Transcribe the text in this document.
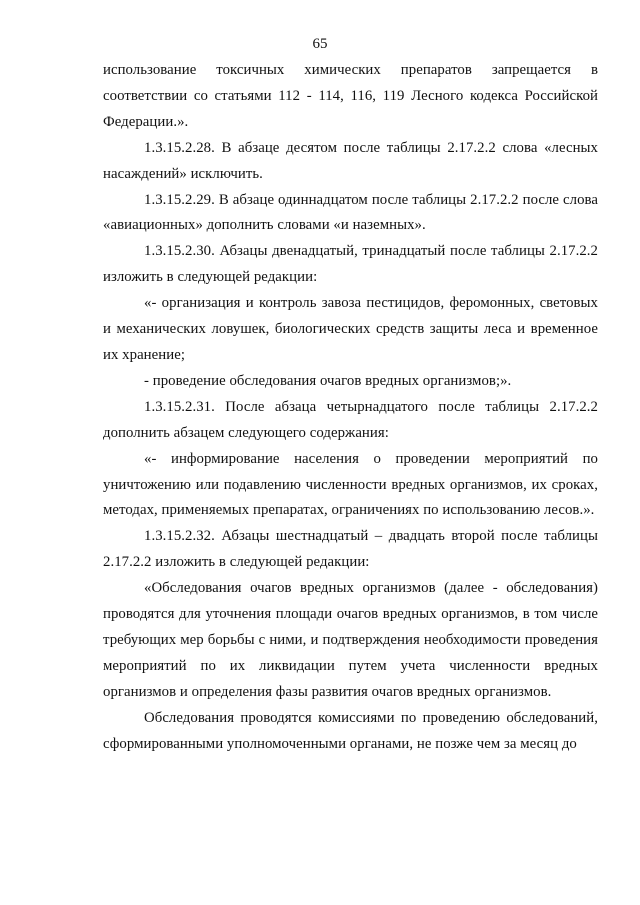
65

использование токсичных химических препаратов запрещается в соответствии со статьями 112 - 114, 116, 119 Лесного кодекса Российской Федерации.».

1.3.15.2.28. В абзаце десятом после таблицы 2.17.2.2 слова «лесных насаждений» исключить.

1.3.15.2.29. В абзаце одиннадцатом после таблицы 2.17.2.2 после слова «авиационных» дополнить словами «и наземных».

1.3.15.2.30. Абзацы двенадцатый, тринадцатый после таблицы 2.17.2.2 изложить в следующей редакции:

«- организация и контроль завоза пестицидов, феромонных, световых и механических ловушек, биологических средств защиты леса и временное их хранение;

- проведение обследования очагов вредных организмов;».

1.3.15.2.31. После абзаца четырнадцатого после таблицы 2.17.2.2 дополнить абзацем следующего содержания:

«- информирование населения о проведении мероприятий по уничтожению или подавлению численности вредных организмов, их сроках, методах, применяемых препаратах, ограничениях по использованию лесов.».

1.3.15.2.32. Абзацы шестнадцатый – двадцать второй после таблицы 2.17.2.2 изложить в следующей редакции:

«Обследования очагов вредных организмов (далее - обследования) проводятся для уточнения площади очагов вредных организмов, в том числе требующих мер борьбы с ними, и подтверждения необходимости проведения мероприятий по их ликвидации путем учета численности вредных организмов и определения фазы развития очагов вредных организмов.

Обследования проводятся комиссиями по проведению обследований, сформированными уполномоченными органами, не позже чем за месяц до
